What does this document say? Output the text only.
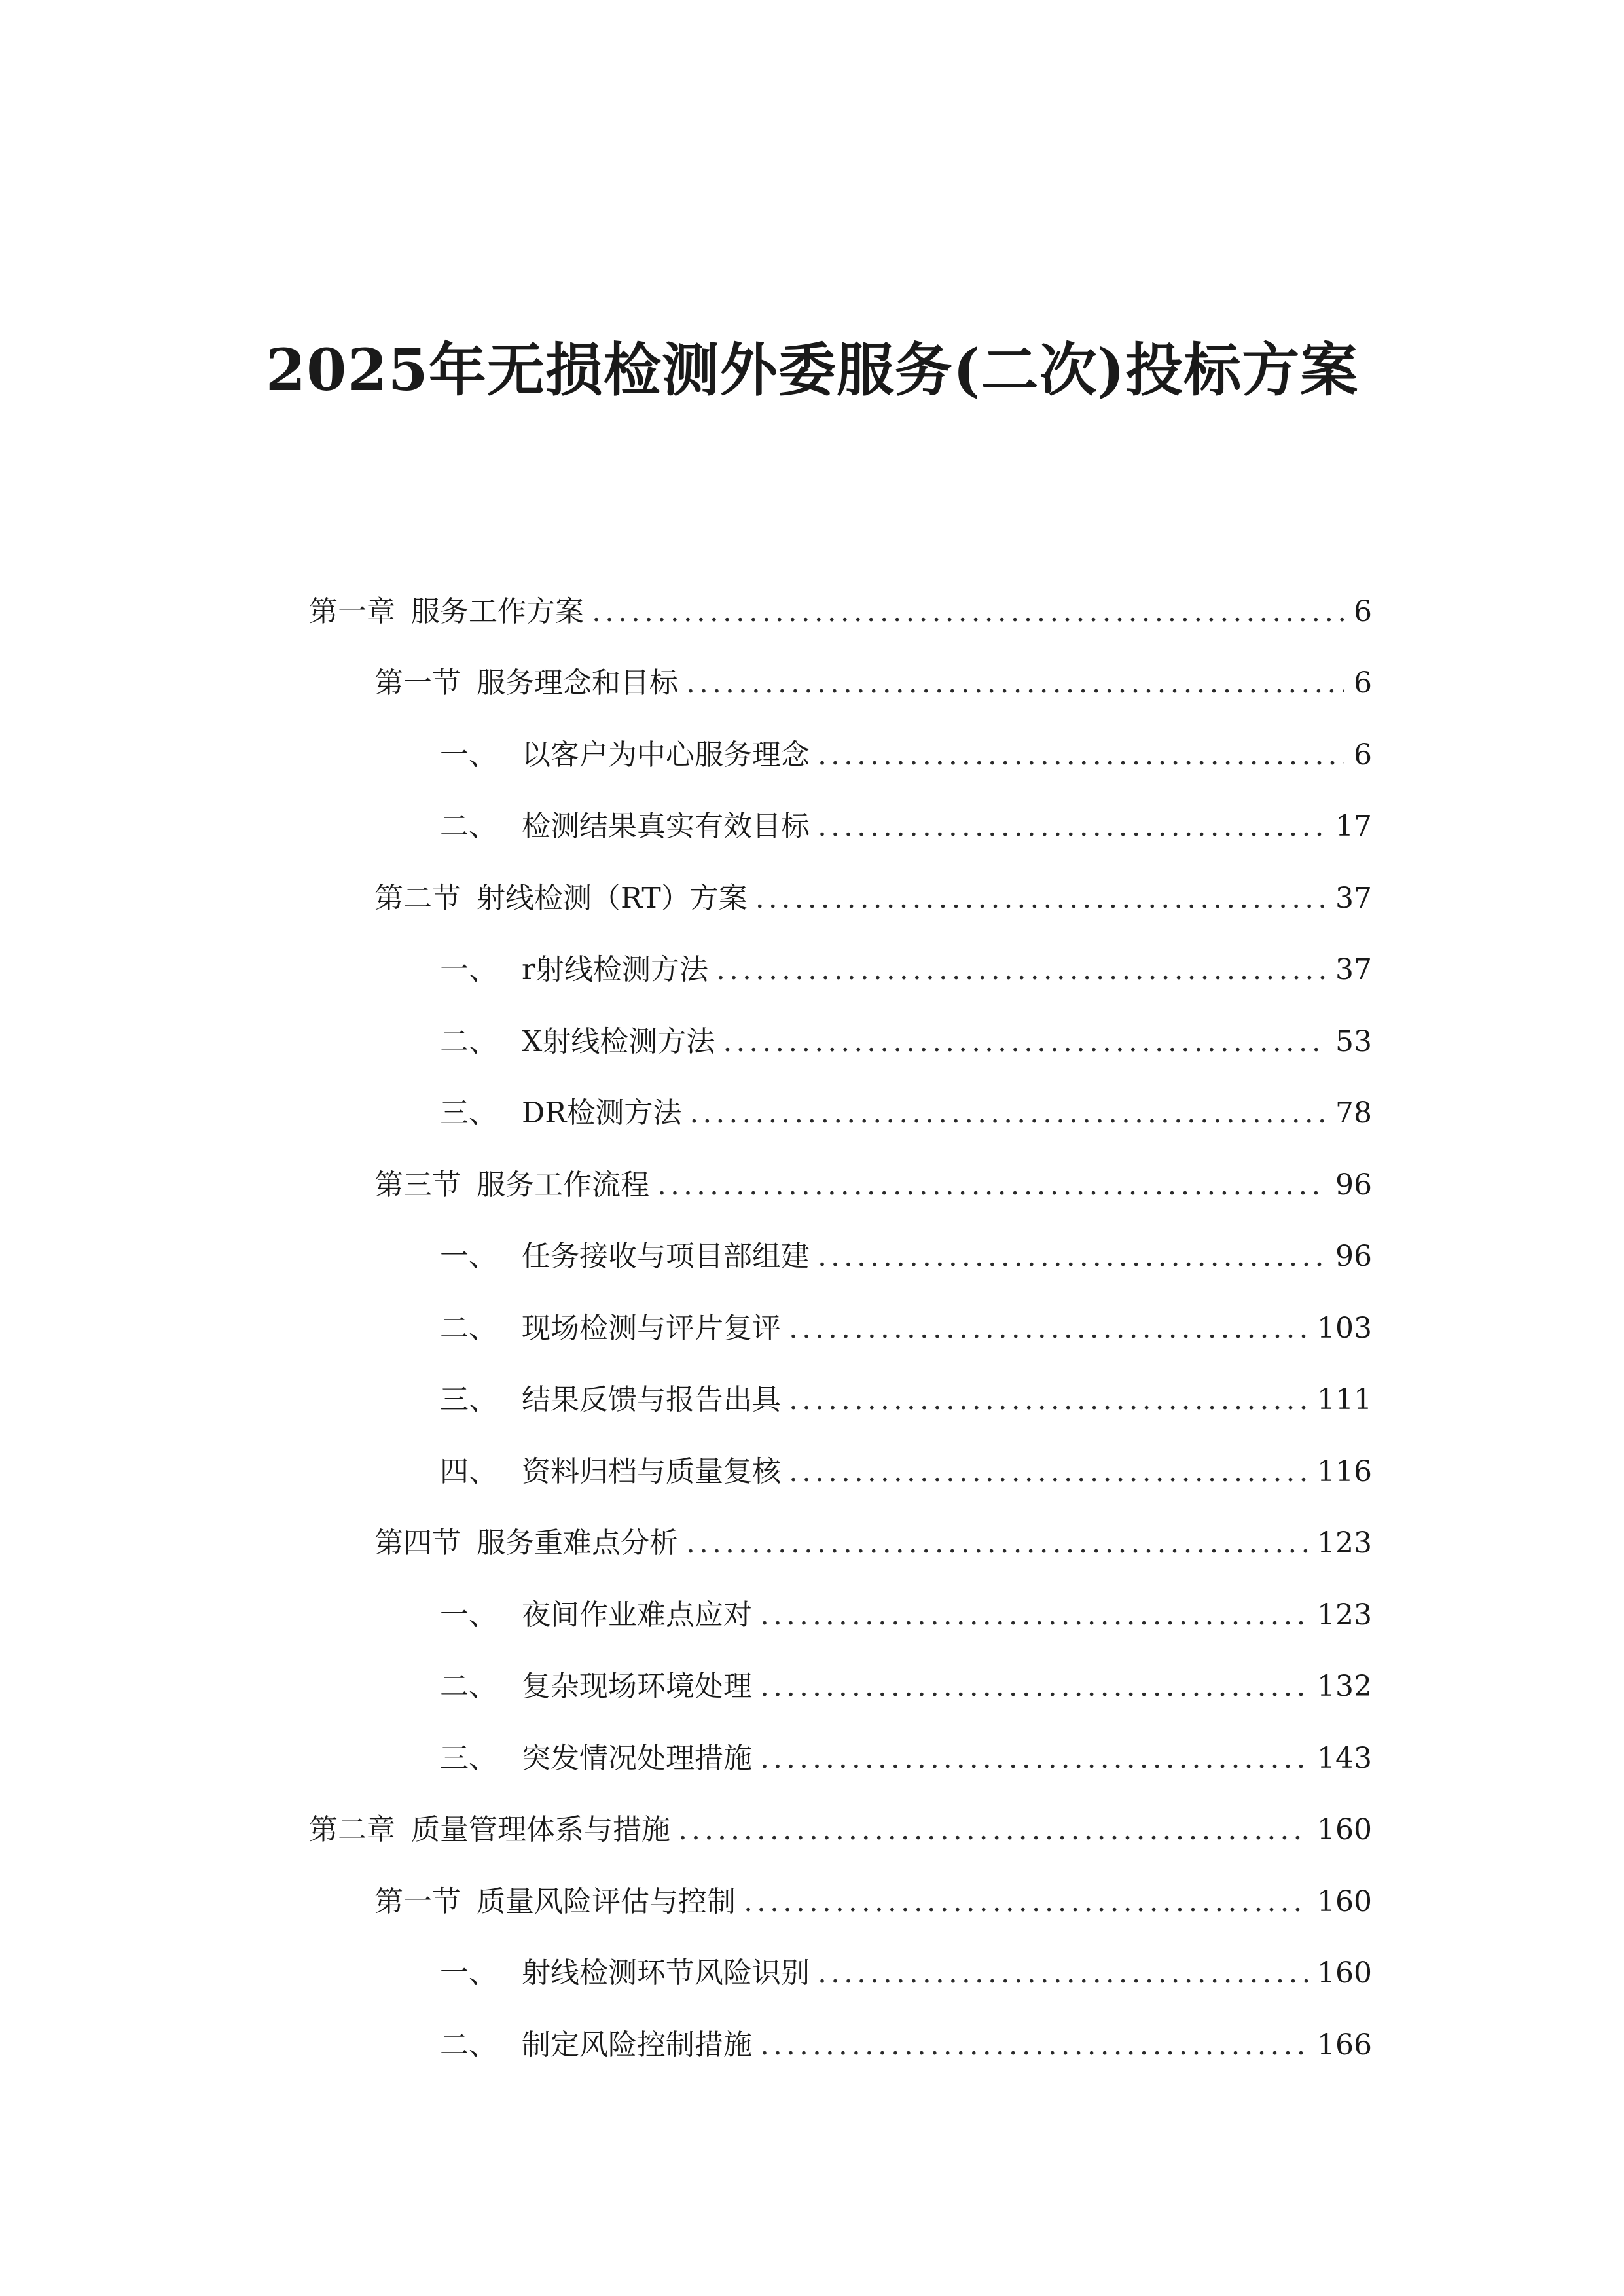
2025年无损检测外委服务(二次)投标方案
第一章 服务工作方案 .....	6
第一节 服务理念和目标 .....	6
一、 以客户为中心服务理念 .....	6
二、 检测结果真实有效目标 .....	17
第二节 射线检测（RT）方案 .....	37
一、 r射线检测方法 .....	37
二、 X射线检测方法 .....	53
三、 DR检测方法 .....	78
第三节 服务工作流程 .....	96
一、 任务接收与项目部组建 .....	96
二、 现场检测与评片复评 .....	103
三、 结果反馈与报告出具 .....	111
四、 资料归档与质量复核 .....	116
第四节 服务重难点分析 .....	123
一、 夜间作业难点应对 .....	123
二、 复杂现场环境处理 .....	132
三、 突发情况处理措施 .....	143
第二章 质量管理体系与措施 .....	160
第一节 质量风险评估与控制 .....	160
一、 射线检测环节风险识别 .....	160
二、 制定风险控制措施 .....	166
